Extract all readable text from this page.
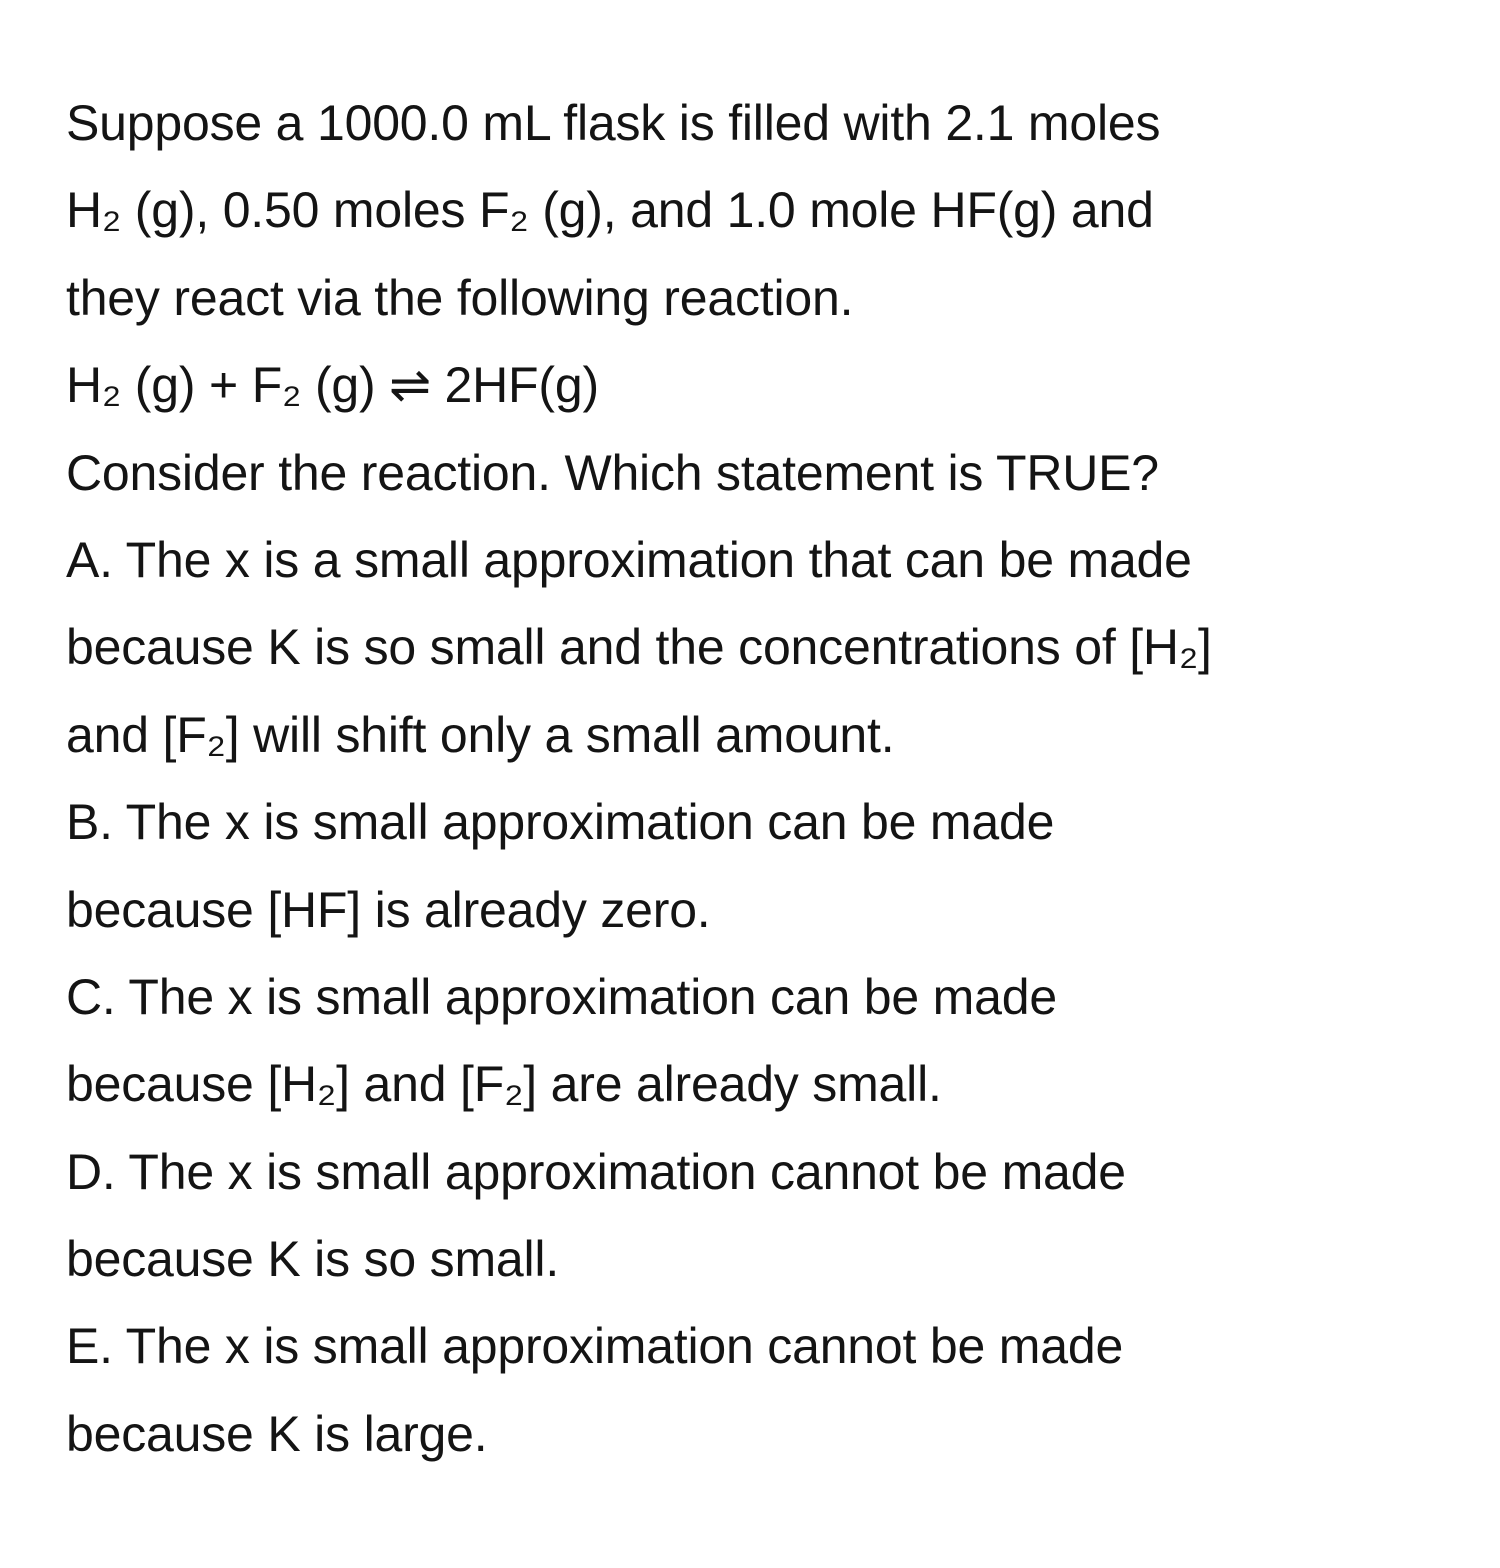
Suppose a 1000.0 mL flask is filled with 2.1 moles
H₂ (g), 0.50 moles F₂ (g), and 1.0 mole HF(g) and
they react via the following reaction.
H₂ (g) + F₂ (g) ⇌ 2HF(g)
Consider the reaction. Which statement is TRUE?
A. The x is a small approximation that can be made
because K is so small and the concentrations of [H₂]
and [F₂] will shift only a small amount.
B. The x is small approximation can be made
because [HF] is already zero.
C. The x is small approximation can be made
because [H₂] and [F₂] are already small.
D. The x is small approximation cannot be made
because K is so small.
E. The x is small approximation cannot be made
because K is large.
